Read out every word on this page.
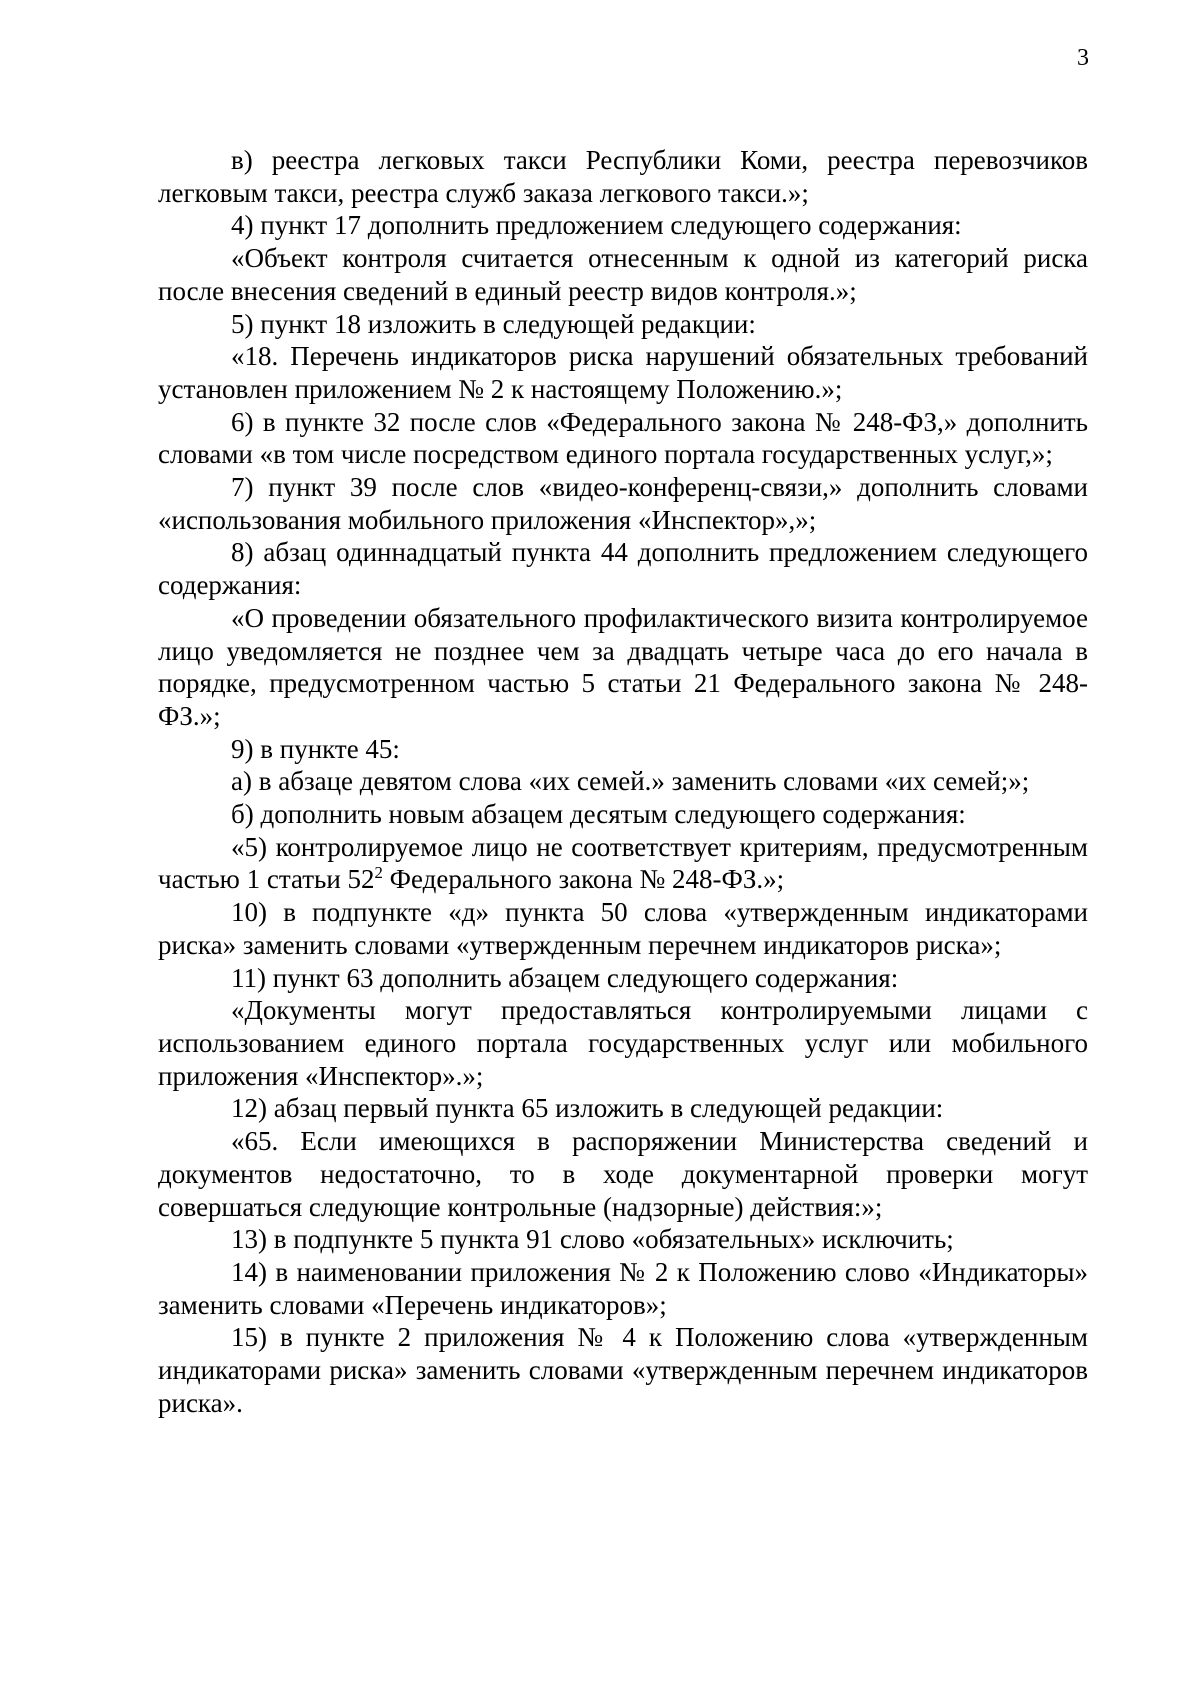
3

в) реестра легковых такси Республики Коми, реестра перевозчиков легковым такси, реестра служб заказа легкового такси.»;

4) пункт 17 дополнить предложением следующего содержания:

«Объект контроля считается отнесенным к одной из категорий риска после внесения сведений в единый реестр видов контроля.»;

5) пункт 18 изложить в следующей редакции:

«18. Перечень индикаторов риска нарушений обязательных требований установлен приложением № 2 к настоящему Положению.»;

6) в пункте 32 после слов «Федерального закона № 248-ФЗ,» дополнить словами «в том числе посредством единого портала государственных услуг,»;

7) пункт 39 после слов «видео-конференц-связи,» дополнить словами «использования мобильного приложения «Инспектор»,»;

8) абзац одиннадцатый пункта 44 дополнить предложением следующего содержания:

«О проведении обязательного профилактического визита контролируемое лицо уведомляется не позднее чем за двадцать четыре часа до его начала в порядке, предусмотренном частью 5 статьи 21 Федерального закона № 248-ФЗ.»;

9) в пункте 45:

а) в абзаце девятом слова «их семей.» заменить словами «их семей;»;

б) дополнить новым абзацем десятым следующего содержания:

«5) контролируемое лицо не соответствует критериям, предусмотренным частью 1 статьи $52^2$ Федерального закона № 248-ФЗ.»;

10) в подпункте «д» пункта 50 слова «утвержденным индикаторами риска» заменить словами «утвержденным перечнем индикаторов риска»;

11) пункт 63 дополнить абзацем следующего содержания:

«Документы могут предоставляться контролируемыми лицами с использованием единого портала государственных услуг или мобильного приложения «Инспектор».»;

12) абзац первый пункта 65 изложить в следующей редакции:

«65. Если имеющихся в распоряжении Министерства сведений и документов недостаточно, то в ходе документарной проверки могут совершаться следующие контрольные (надзорные) действия:»;

13) в подпункте 5 пункта 91 слово «обязательных» исключить;

14) в наименовании приложения № 2 к Положению слово «Индикаторы» заменить словами «Перечень индикаторов»;

15) в пункте 2 приложения № 4 к Положению слова «утвержденным индикаторами риска» заменить словами «утвержденным перечнем индикаторов риска».
